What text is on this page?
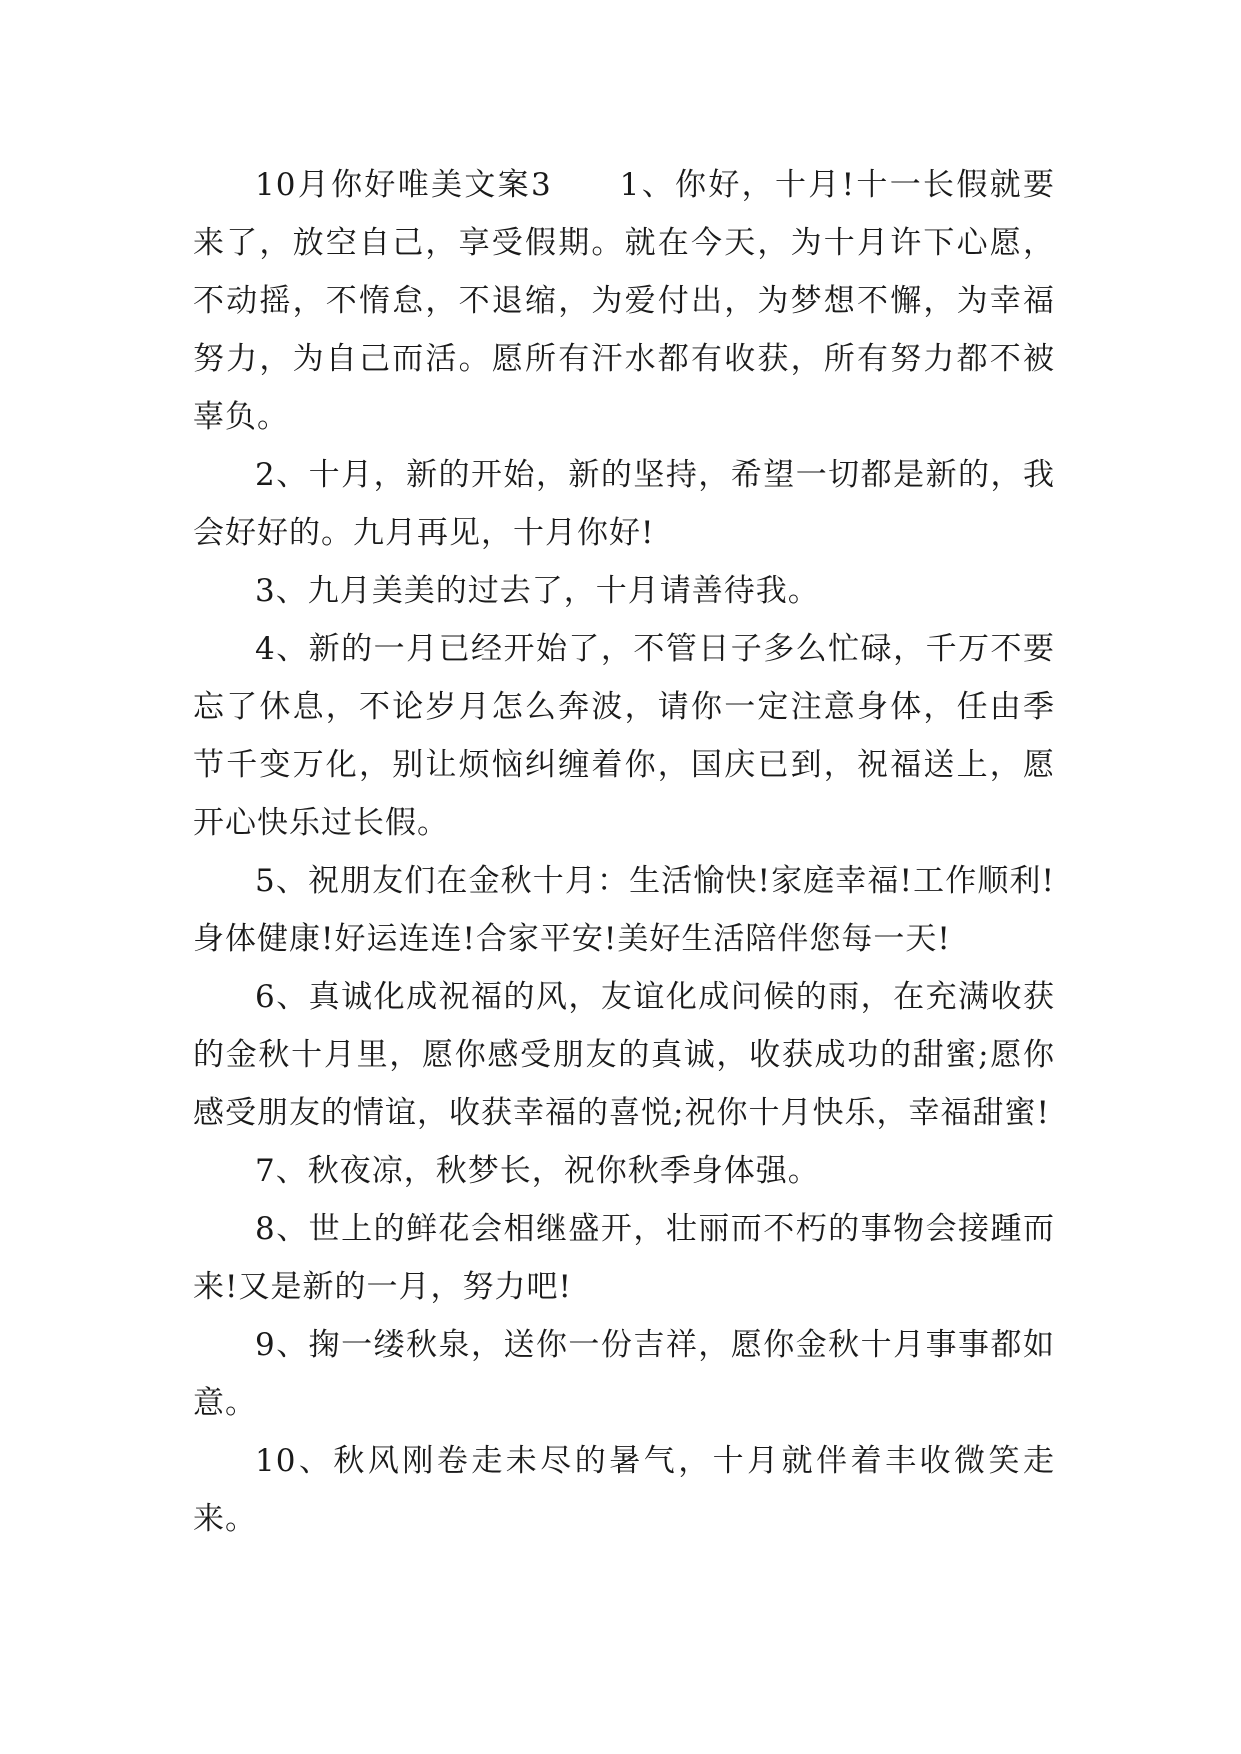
10月你好唯美文案3　　1、你好，十月!十一长假就要来了，放空自己，享受假期。就在今天，为十月许下心愿，不动摇，不惰怠，不退缩，为爱付出，为梦想不懈，为幸福努力，为自己而活。愿所有汗水都有收获，所有努力都不被辜负。

2、十月，新的开始，新的坚持，希望一切都是新的，我会好好的。九月再见，十月你好!

3、九月美美的过去了，十月请善待我。

4、新的一月已经开始了，不管日子多么忙碌，千万不要忘了休息，不论岁月怎么奔波，请你一定注意身体，任由季节千变万化，别让烦恼纠缠着你，国庆已到，祝福送上，愿开心快乐过长假。

5、祝朋友们在金秋十月：生活愉快!家庭幸福!工作顺利!身体健康!好运连连!合家平安!美好生活陪伴您每一天!

6、真诚化成祝福的风，友谊化成问候的雨，在充满收获的金秋十月里，愿你感受朋友的真诚，收获成功的甜蜜;愿你感受朋友的情谊，收获幸福的喜悦;祝你十月快乐，幸福甜蜜!

7、秋夜凉，秋梦长，祝你秋季身体强。

8、世上的鲜花会相继盛开，壮丽而不朽的事物会接踵而来!又是新的一月，努力吧!

9、掬一缕秋泉，送你一份吉祥，愿你金秋十月事事都如意。

10、秋风刚卷走未尽的暑气，十月就伴着丰收微笑走来。
